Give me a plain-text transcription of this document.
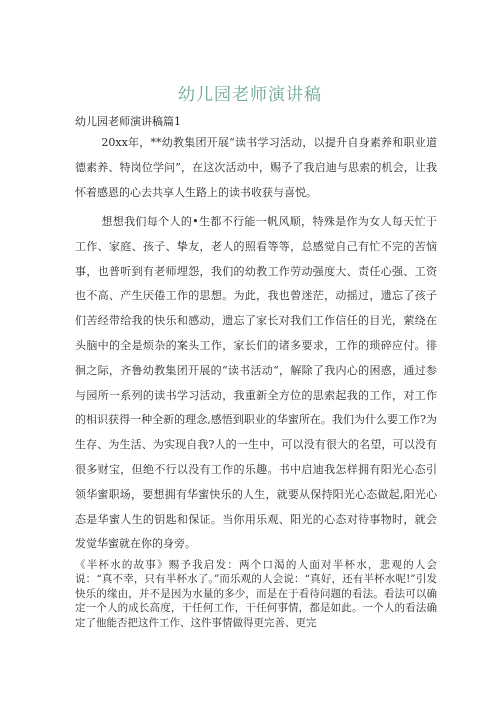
幼儿园老师演讲稿
幼儿园老师演讲稿篇1

20xx年，**幼教集团开展“读书学习活动，以提升自身素养和职业道德素养、特岗位学问”，在这次活动中，赐予了我启迪与思索的机会，让我怀着感恩的心去共享人生路上的读书收获与喜悦。

想想我们每个人的•生都不行能一帆风顺，特殊是作为女人每天忙于工作、家庭、孩子、挚友，老人的照看等等，总感觉自己有忙不完的苦恼事，也普听到有老师埋怨，我们的幼教工作劳动强度大、责任心强、工资也不高、产生厌倦工作的思想。为此，我也曾迷茫，动摇过，遗忘了孩子们苦经带给我的快乐和感动，遗忘了家长对我们工作信任的目光，萦绕在头脑中的全是烦杂的案头工作，家长们的诸多要求，工作的琐碎应付。徘徊之际，齐鲁幼教集团开展的“读书活动“，解除了我内心的困惑，通过参与园所一系列的读书学习活动，我重新全方位的思索起我的工作，对工作的相识获得一种全新的理念,感悟到职业的华蜜所在。我们为什么要工作?为生存、为生活、为实现自我?人的一生中，可以没有很大的名望，可以没有很多财宝，但绝不行以没有工作的乐趣。书中启迪我怎样拥有阳光心态引领华蜜职场，要想拥有华蜜快乐的人生，就要从保持阳光心态做起,阳光心态是华蜜人生的钥匙和保证。当你用乐观、阳光的心态对待事物时，就会发觉华蜜就在你的身旁。

《半杯水的故事》赐予我启发：两个口渴的人面对半杯水，悲观的人会说：“真不幸，只有半杯水了。”而乐观的人会说：“真好，还有半杯水呢!”引发快乐的缘由，并不是因为水量的多少，而是在于看待问题的看法。看法可以确定一个人的成长高度，干任何工作，干任何事情，都是如此。一个人的看法确定了他能否把这件工作、这件事情做得更完善、更完
